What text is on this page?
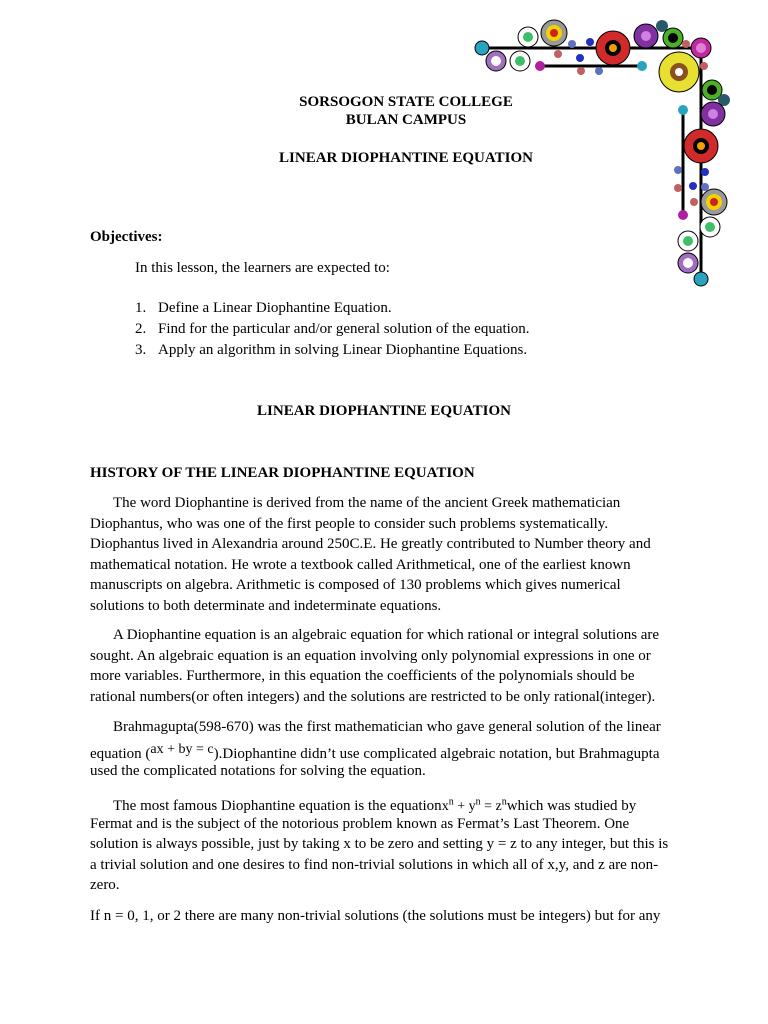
SORSOGON STATE COLLEGE
BULAN CAMPUS
LINEAR DIOPHANTINE EQUATION
Objectives:
In this lesson, the learners are expected to:
1. Define a Linear Diophantine Equation.
2. Find for the particular and/or general solution of the equation.
3. Apply an algorithm in solving Linear Diophantine Equations.
LINEAR DIOPHANTINE EQUATION
HISTORY OF THE LINEAR DIOPHANTINE EQUATION
The word Diophantine is derived from the name of the ancient Greek mathematician Diophantus, who was one of the first people to consider such problems systematically. Diophantus lived in Alexandria around 250C.E. He greatly contributed to Number theory and mathematical notation. He wrote a textbook called Arithmetical, one of the earliest known manuscripts on algebra. Arithmetic is composed of 130 problems which gives numerical solutions to both determinate and indeterminate equations.
A Diophantine equation is an algebraic equation for which rational or integral solutions are sought. An algebraic equation is an equation involving only polynomial expressions in one or more variables. Furthermore, in this equation the coefficients of the polynomials should be rational numbers(or often integers) and the solutions are restricted to be only rational(integer).
Brahmagupta(598-670) was the first mathematician who gave general solution of the linear
equation (ax + by = c).Diophantine didn’t use complicated algebraic notation, but Brahmagupta
used the complicated notations for solving the equation.
The most famous Diophantine equation is the equationx$^n$ + $y^n$ = $z^nwhich$ was studied by
Fermat and is the subject of the notorious problem known as Fermat’s Last Theorem. One solution is always possible, just by taking x to be zero and setting y = z to any integer, but this is a trivial solution and one desires to find non-trivial solutions in which all of x,y, and z are non-zero.
If n = 0, 1, or 2 there are many non-trivial solutions (the solutions must be integers) but for any
